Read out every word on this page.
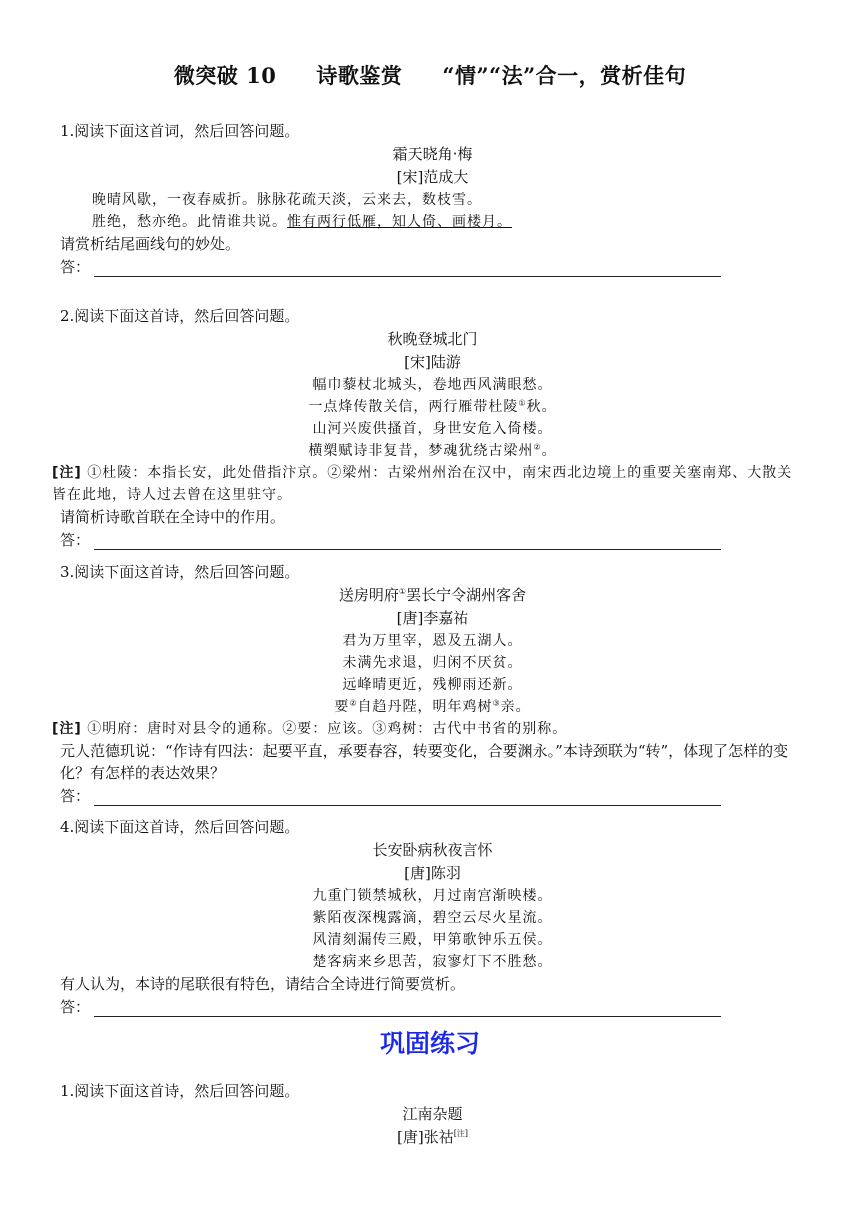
微突破 10 诗歌鉴赏 “情”“法”合一，赏析佳句
1.阅读下面这首词，然后回答问题。
霜天晓角·梅
[宋]范成大
晚晴风歇，一夜春威折。脉脉花疏天淡，云来去，数枝雪。
胜绝，愁亦绝。此情谁共说。惟有两行低雁，知人倚、画楼月。
请赏析结尾画线句的妙处。
答：
2.阅读下面这首诗，然后回答问题。
秋晚登城北门
[宋]陆游
幅巾藜杖北城头，卷地西风满眼愁。
一点烽传散关信，两行雁带杜陵①秋。
山河兴废供搔首，身世安危入倚楼。
横槊赋诗非复昔，梦魂犹绕古梁州②。
[注] ①杜陵：本指长安，此处借指汴京。②梁州：古梁州州治在汉中，南宋西北边境上的重要关塞南郑、大散关皆在此地，诗人过去曾在这里驻守。
请简析诗歌首联在全诗中的作用。
答：
3.阅读下面这首诗，然后回答问题。
送房明府①罢长宁令湖州客舍
[唐]李嘉祐
君为万里宰，恩及五湖人。
未满先求退，归闲不厌贫。
远峰晴更近，残柳雨还新。
要②自趋丹陛，明年鸡树③亲。
[注] ①明府：唐时对县令的通称。②要：应该。③鸡树：古代中书省的别称。
元人范德玑说：“作诗有四法：起要平直，承要春容，转要变化，合要渊永。”本诗颈联为“转”，体现了怎样的变化？有怎样的表达效果？
答：
4.阅读下面这首诗，然后回答问题。
长安卧病秋夜言怀
[唐]陈羽
九重门锁禁城秋，月过南宫渐映楼。
紫陌夜深槐露滴，碧空云尽火星流。
风清刻漏传三殿，甲第歌钟乐五侯。
楚客病来乡思苦，寂寥灯下不胜愁。
有人认为，本诗的尾联很有特色，请结合全诗进行简要赏析。
答：
巩固练习
1.阅读下面这首诗，然后回答问题。
江南杂题
[唐]张祜[注]
